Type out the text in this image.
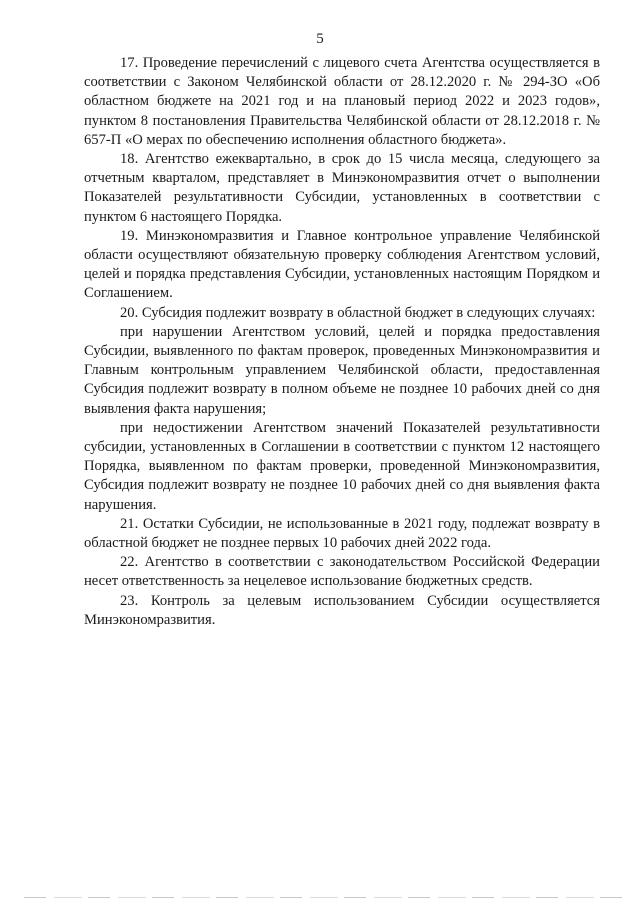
5

17. Проведение перечислений с лицевого счета Агентства осуществляется в соответствии с Законом Челябинской области от 28.12.2020 г. № 294-ЗО «Об областном бюджете на 2021 год и на плановый период 2022 и 2023 годов», пунктом 8 постановления Правительства Челябинской области от 28.12.2018 г. № 657-П «О мерах по обеспечению исполнения областного бюджета».

18. Агентство ежеквартально, в срок до 15 числа месяца, следующего за отчетным кварталом, представляет в Минэкономразвития отчет о выполнении Показателей результативности Субсидии, установленных в соответствии с пунктом 6 настоящего Порядка.

19. Минэкономразвития и Главное контрольное управление Челябинской области осуществляют обязательную проверку соблюдения Агентством условий, целей и порядка представления Субсидии, установленных настоящим Порядком и Соглашением.

20. Субсидия подлежит возврату в областной бюджет в следующих случаях:

при нарушении Агентством условий, целей и порядка предоставления Субсидии, выявленного по фактам проверок, проведенных Минэкономразвития и Главным контрольным управлением Челябинской области, предоставленная Субсидия подлежит возврату в полном объеме не позднее 10 рабочих дней со дня выявления факта нарушения;

при недостижении Агентством значений Показателей результативности субсидии, установленных в Соглашении в соответствии с пунктом 12 настоящего Порядка, выявленном по фактам проверки, проведенной Минэкономразвития, Субсидия подлежит возврату не позднее 10 рабочих дней со дня выявления факта нарушения.

21. Остатки Субсидии, не использованные в 2021 году, подлежат возврату в областной бюджет не позднее первых 10 рабочих дней 2022 года.

22. Агентство в соответствии с законодательством Российской Федерации несет ответственность за нецелевое использование бюджетных средств.

23. Контроль за целевым использованием Субсидии осуществляется Минэкономразвития.
